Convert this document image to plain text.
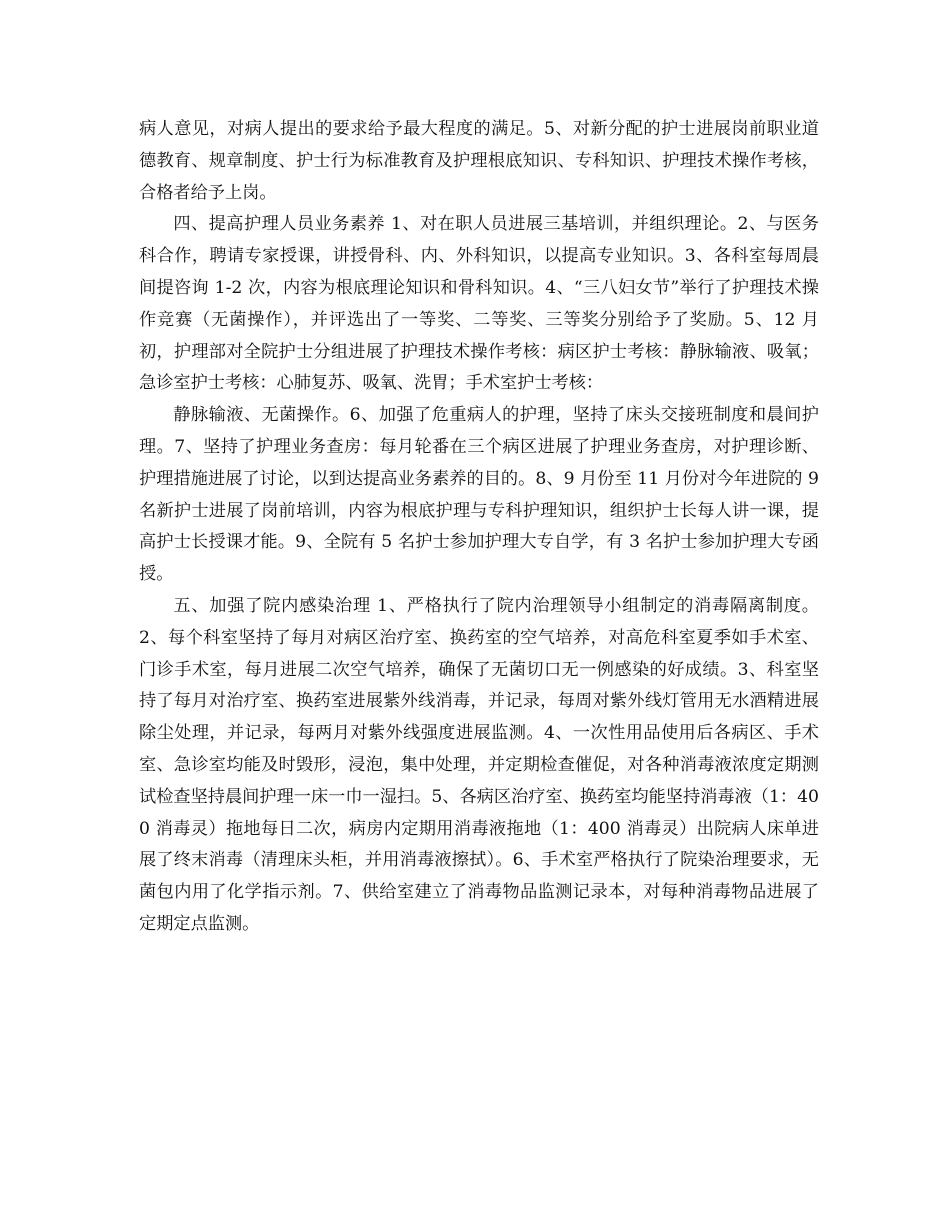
病人意见，对病人提出的要求给予最大程度的满足。5、对新分配的护士进展岗前职业道德教育、规章制度、护士行为标准教育及护理根底知识、专科知识、护理技术操作考核，合格者给予上岗。

四、提高护理人员业务素养 1、对在职人员进展三基培训，并组织理论。2、与医务科合作，聘请专家授课，讲授骨科、内、外科知识，以提高专业知识。3、各科室每周晨间提咨询 1-2 次，内容为根底理论知识和骨科知识。4、“三八妇女节”举行了护理技术操作竞赛（无菌操作），并评选出了一等奖、二等奖、三等奖分别给予了奖励。5、12 月初，护理部对全院护士分组进展了护理技术操作考核：病区护士考核：静脉输液、吸氧；急诊室护士考核：心肺复苏、吸氧、洗胃；手术室护士考核：

静脉输液、无菌操作。6、加强了危重病人的护理，坚持了床头交接班制度和晨间护理。7、坚持了护理业务查房：每月轮番在三个病区进展了护理业务查房，对护理诊断、护理措施进展了讨论，以到达提高业务素养的目的。8、9 月份至 11 月份对今年进院的 9 名新护士进展了岗前培训，内容为根底护理与专科护理知识，组织护士长每人讲一课，提高护士长授课才能。9、全院有 5 名护士参加护理大专自学，有 3 名护士参加护理大专函授。

五、加强了院内感染治理 1、严格执行了院内治理领导小组制定的消毒隔离制度。2、每个科室坚持了每月对病区治疗室、换药室的空气培养，对高危科室夏季如手术室、门诊手术室，每月进展二次空气培养，确保了无菌切口无一例感染的好成绩。3、科室坚持了每月对治疗室、换药室进展紫外线消毒，并记录，每周对紫外线灯管用无水酒精进展除尘处理，并记录，每两月对紫外线强度进展监测。4、一次性用品使用后各病区、手术室、急诊室均能及时毁形，浸泡，集中处理，并定期检查催促，对各种消毒液浓度定期测试检查坚持晨间护理一床一巾一湿扫。5、各病区治疗室、换药室均能坚持消毒液（1：400 消毒灵）拖地每日二次，病房内定期用消毒液拖地（1：400 消毒灵）出院病人床单进展了终末消毒（清理床头柜，并用消毒液擦拭）。6、手术室严格执行了院染治理要求，无菌包内用了化学指示剂。7、供给室建立了消毒物品监测记录本，对每种消毒物品进展了定期定点监测。
